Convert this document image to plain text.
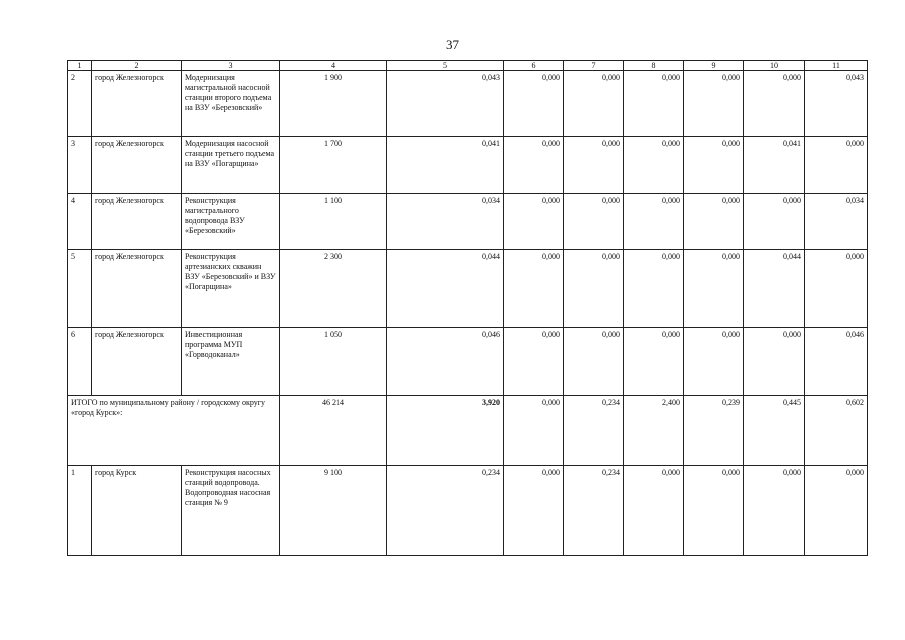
37
1	2	3	4	5	6	7	8	9	10	11
2	город Железногорск	Модернизация магистральной насосной станции второго подъема на ВЗУ «Березовский»	1 900	0,043	0,000	0,000	0,000	0,000	0,000	0,043
3	город Железногорск	Модернизация насосной станции третьего подъема на ВЗУ «Погарщина»	1 700	0,041	0,000	0,000	0,000	0,000	0,041	0,000
4	город Железногорск	Реконструкция магистрального водопровода ВЗУ «Березовский»	1 100	0,034	0,000	0,000	0,000	0,000	0,000	0,034
5	город Железногорск	Реконструкция артезианских скважин ВЗУ «Березовский» и ВЗУ «Погарщина»	2 300	0,044	0,000	0,000	0,000	0,000	0,044	0,000
6	город Железногорск	Инвестиционная программа МУП «Горводоканал»	1 050	0,046	0,000	0,000	0,000	0,000	0,000	0,046
ИТОГО по муниципальному району / городскому округу «город Курск»:			46 214	3,920	0,000	0,234	2,400	0,239	0,445	0,602
1	город Курск	Реконструкция насосных станций водопровода. Водопроводная насосная станция № 9	9 100	0,234	0,000	0,234	0,000	0,000	0,000	0,000
